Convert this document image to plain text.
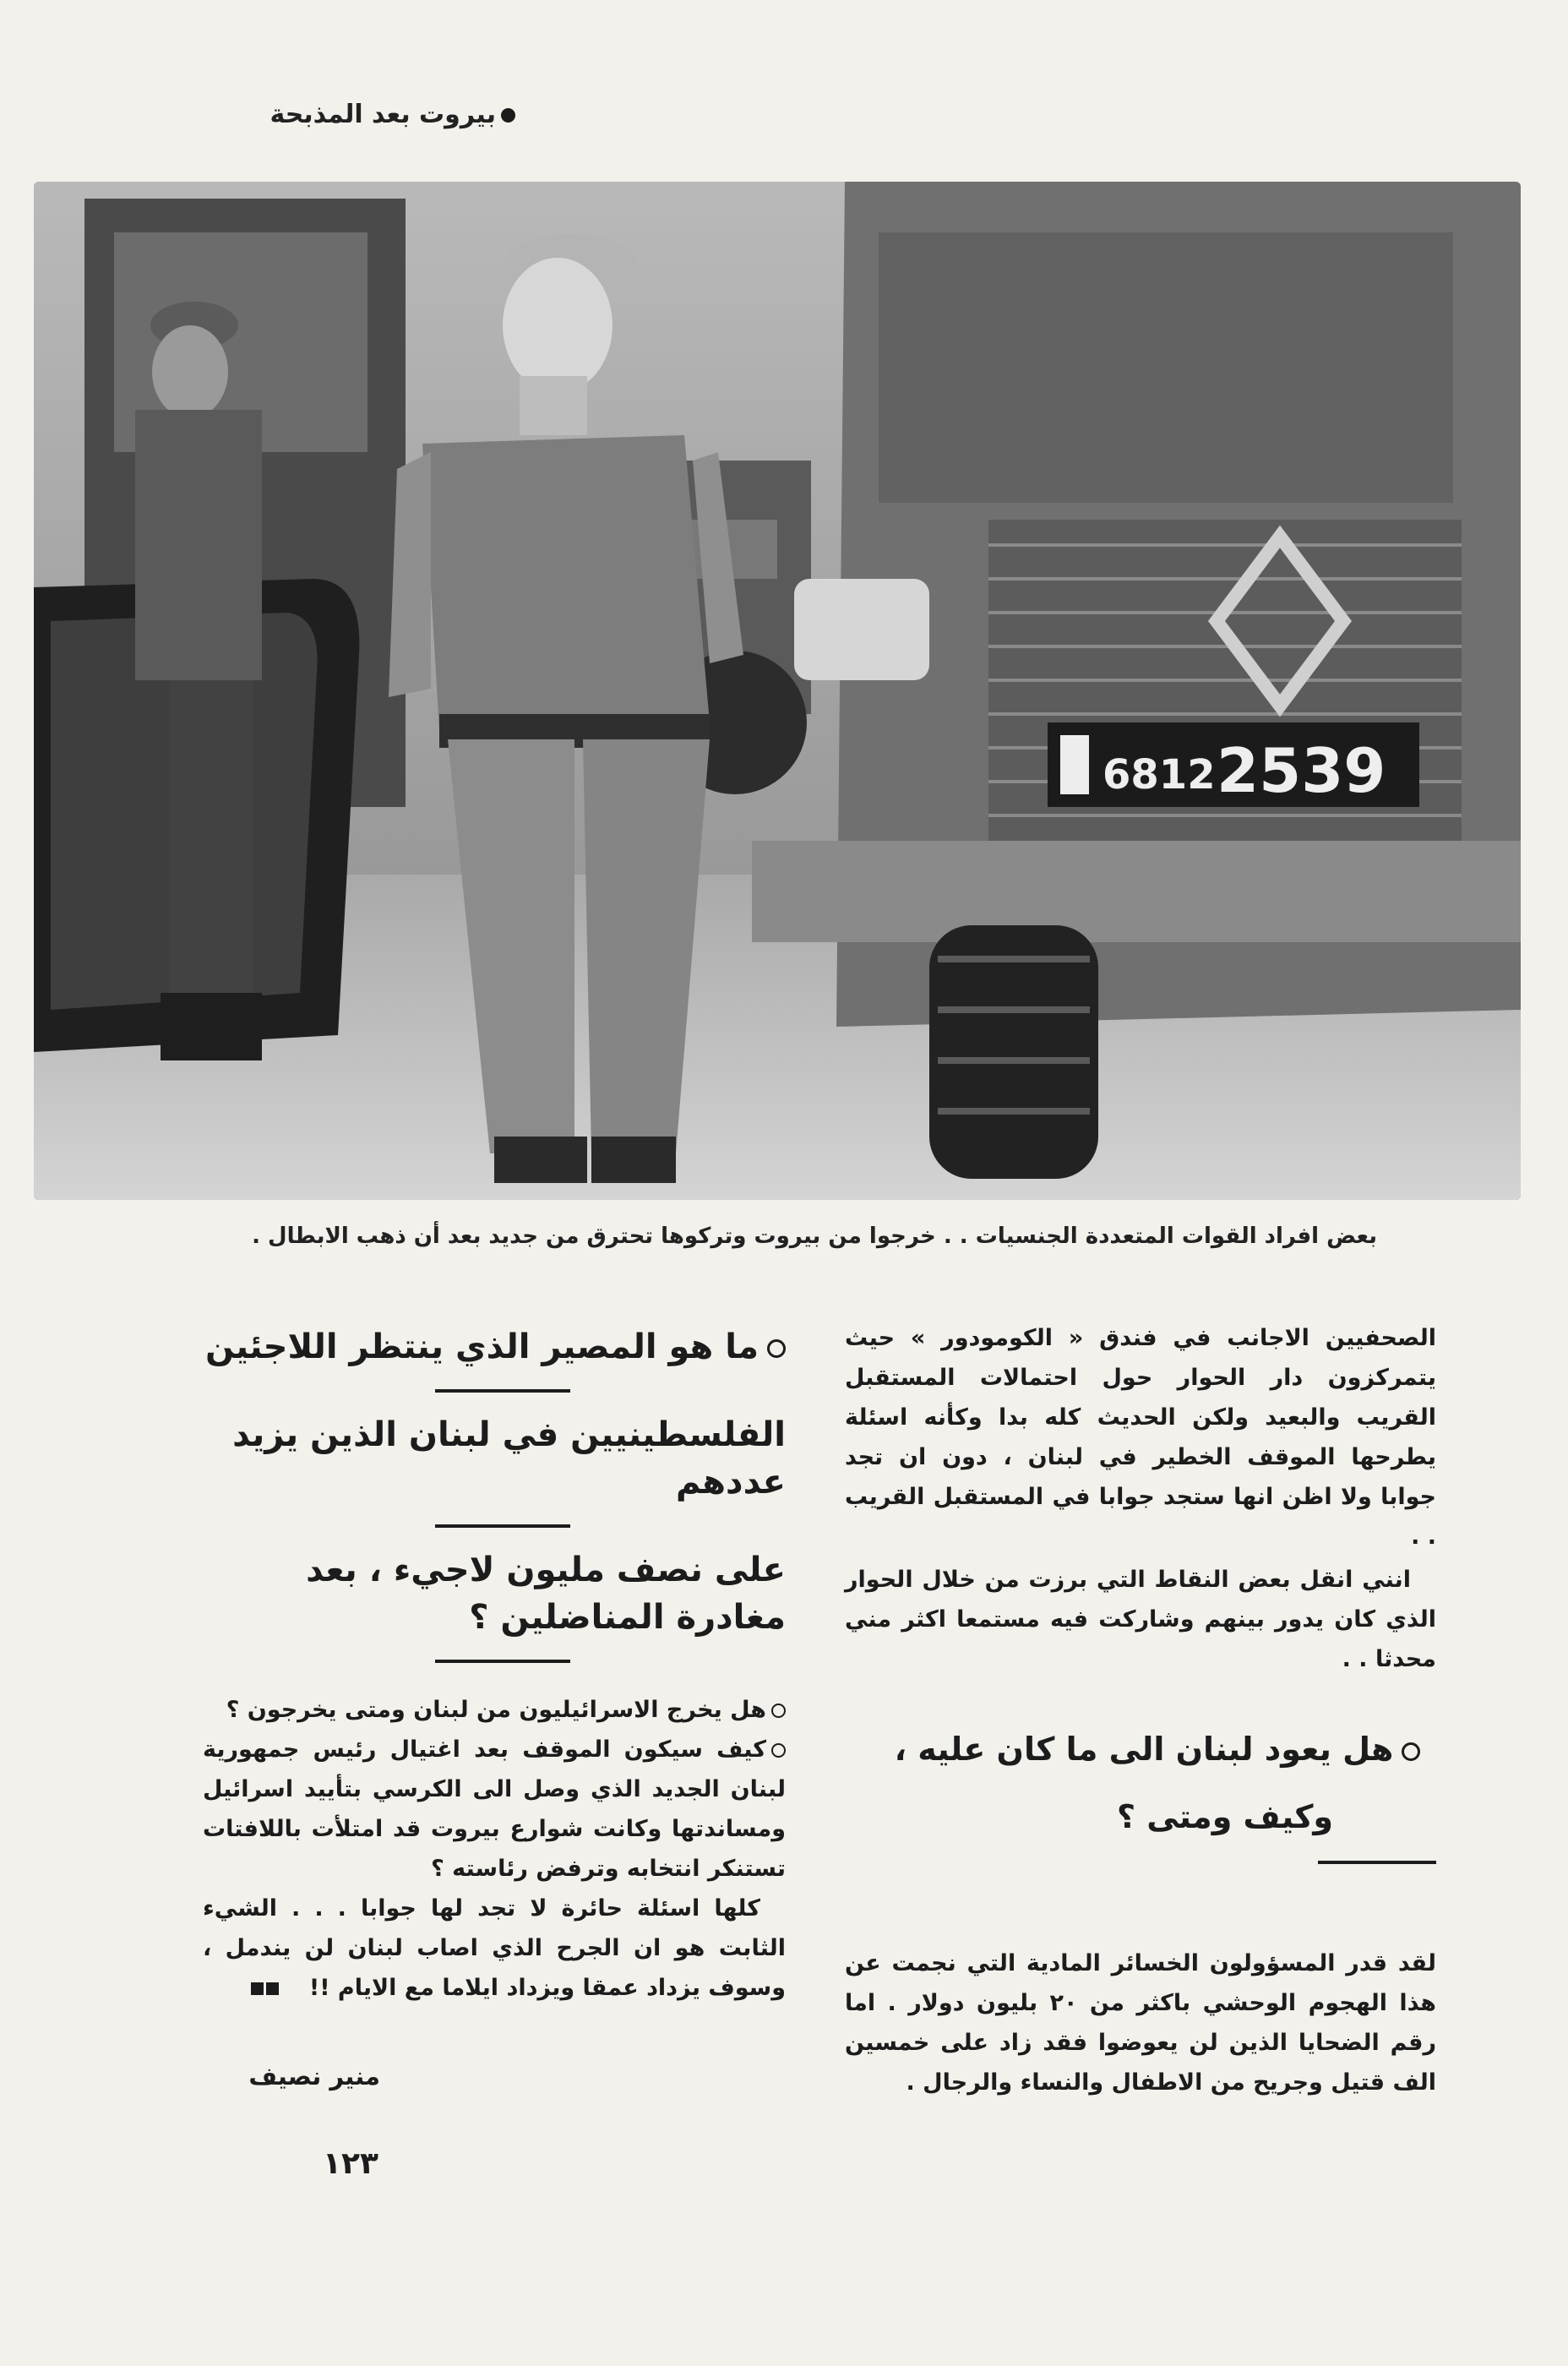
بيروت بعد المذبحة
6812 2539
بعض افراد القوات المتعددة الجنسيات . . خرجوا من بيروت وتركوها تحترق من جديد بعد أن ذهب الابطال .

الصحفيين الاجانب في فندق « الكومودور » حيث يتمركزون دار الحوار حول احتمالات المستقبل القريب والبعيد ولكن الحديث كله بدا وكأنه اسئلة يطرحها الموقف الخطير في لبنان ، دون ان تجد جوابا ولا اظن انها ستجد جوابا في المستقبل القريب . .

انني انقل بعض النقاط التي برزت من خلال الحوار الذي كان يدور بينهم وشاركت فيه مستمعا اكثر مني محدثا . .

هل يعود لبنان الى ما كان عليه ،
وكيف ومتى ؟

لقد قدر المسؤولون الخسائر المادية التي نجمت عن هذا الهجوم الوحشي باكثر من ٢٠ بليون دولار . اما رقم الضحايا الذين لن يعوضوا فقد زاد على خمسين الف قتيل وجريح من الاطفال والنساء والرجال .

ما هو المصير الذي ينتظر اللاجئين
الفلسطينيين في لبنان الذين يزيد عددهم
على نصف مليون لاجيء ، بعد مغادرة المناضلين ؟

هل يخرج الاسرائيليون من لبنان ومتى يخرجون ؟

كيف سيكون الموقف بعد اغتيال رئيس جمهورية لبنان الجديد الذي وصل الى الكرسي بتأييد اسرائيل ومساندتها وكانت شوارع بيروت قد امتلأت باللافتات تستنكر انتخابه وترفض رئاسته ؟

كلها اسئلة حائرة لا تجد لها جوابا . . . الشيء الثابت هو ان الجرح الذي اصاب لبنان لن يندمل ، وسوف يزداد عمقا ويزداد ايلاما مع الايام !!

منير نصيف
١٢٣
